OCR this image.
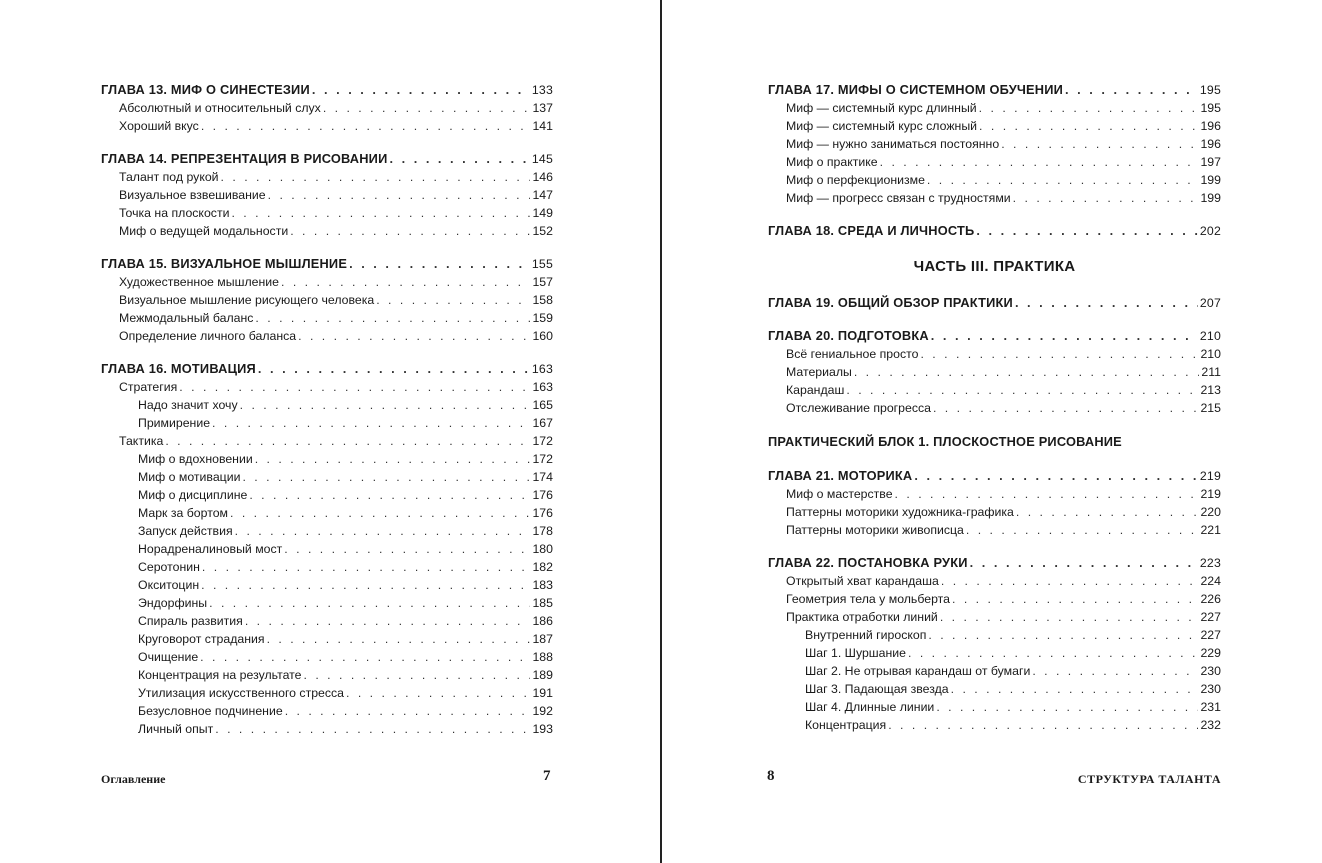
ГЛАВА 13. МИФ О СИНЕСТЕЗИИ . . .	133
Абсолютный и относительный слух . . .	137
Хороший вкус . . .	141
ГЛАВА 14. РЕПРЕЗЕНТАЦИЯ В РИСОВАНИИ . . .	145
Талант под рукой . . .	146
Визуальное взвешивание . . .	147
Точка на плоскости . . .	149
Миф о ведущей модальности . . .	152
ГЛАВА 15. ВИЗУАЛЬНОЕ МЫШЛЕНИЕ . . .	155
Художественное мышление . . .	157
Визуальное мышление рисующего человека . . .	158
Межмодальный баланс . . .	159
Определение личного баланса . . .	160
ГЛАВА 16. МОТИВАЦИЯ . . .	163
Стратегия . . .	163
Надо значит хочу . . .	165
Примирение . . .	167
Тактика . . .	172
Миф о вдохновении . . .	172
Миф о мотивации . . .	174
Миф о дисциплине . . .	176
Марк за бортом . . .	176
Запуск действия . . .	178
Норадреналиновый мост . . .	180
Серотонин . . .	182
Окситоцин . . .	183
Эндорфины . . .	185
Спираль развития . . .	186
Круговорот страдания . . .	187
Очищение . . .	188
Концентрация на результате . . .	189
Утилизация искусственного стресса . . .	191
Безусловное подчинение . . .	192
Личный опыт . . .	193
Оглавление	7
ГЛАВА 17. МИФЫ О СИСТЕМНОМ ОБУЧЕНИИ . . .	195
Миф — системный курс длинный . . .	195
Миф — системный курс сложный . . .	196
Миф — нужно заниматься постоянно . . .	196
Миф о практике . . .	197
Миф о перфекционизме . . .	199
Миф — прогресс связан с трудностями . . .	199
ГЛАВА 18. СРЕДА И ЛИЧНОСТЬ . . .	202
ЧАСТЬ III. ПРАКТИКА
ГЛАВА 19. ОБЩИЙ ОБЗОР ПРАКТИКИ . . .	207
ГЛАВА 20. ПОДГОТОВКА . . .	210
Всё гениальное просто . . .	210
Материалы . . .	211
Карандаш . . .	213
Отслеживание прогресса . . .	215
ПРАКТИЧЕСКИЙ БЛОК 1. ПЛОСКОСТНОЕ РИСОВАНИЕ
ГЛАВА 21. МОТОРИКА . . .	219
Миф о мастерстве . . .	219
Паттерны моторики художника-графика . . .	220
Паттерны моторики живописца . . .	221
ГЛАВА 22. ПОСТАНОВКА РУКИ . . .	223
Открытый хват карандаша . . .	224
Геометрия тела у мольберта . . .	226
Практика отработки линий . . .	227
Внутренний гироскоп . . .	227
Шаг 1. Шуршание . . .	229
Шаг 2. Не отрывая карандаш от бумаги . . .	230
Шаг 3. Падающая звезда . . .	230
Шаг 4. Длинные линии . . .	231
Концентрация . . .	232
8	СТРУКТУРА ТАЛАНТА
